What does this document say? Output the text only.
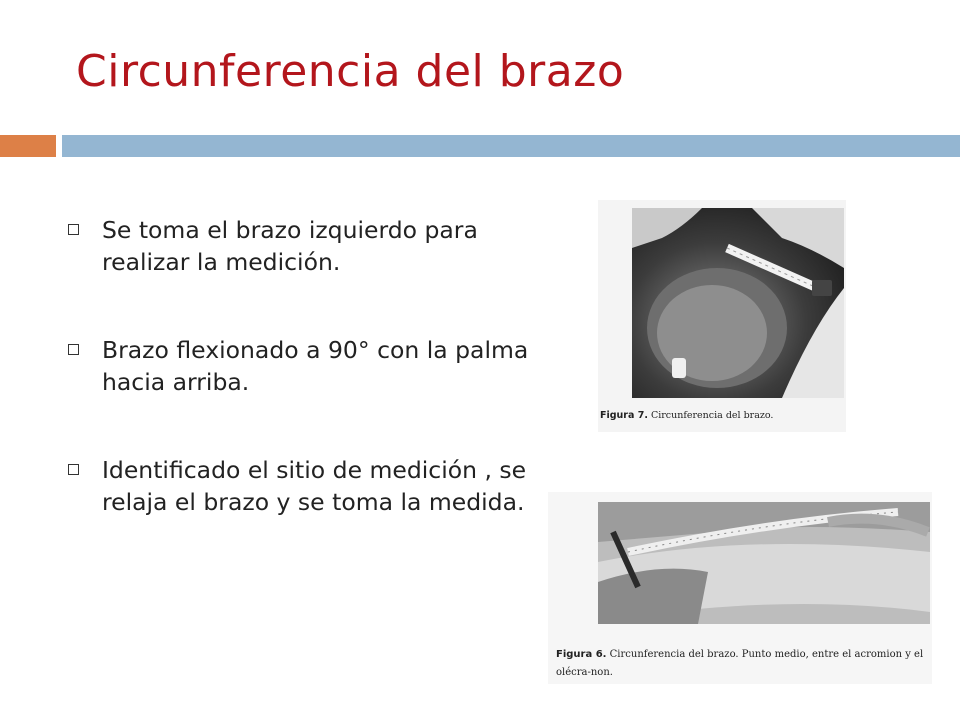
Circunferencia del brazo
Se toma el brazo izquierdo para realizar la medición.
Brazo flexionado a 90° con la palma hacia arriba.
Identificado el sitio de medición , se relaja el brazo y se toma la medida.
Figura 7. Circunferencia del brazo.
Figura 6. Circunferencia del brazo. Punto medio, entre el acromion y el olécra-non.
